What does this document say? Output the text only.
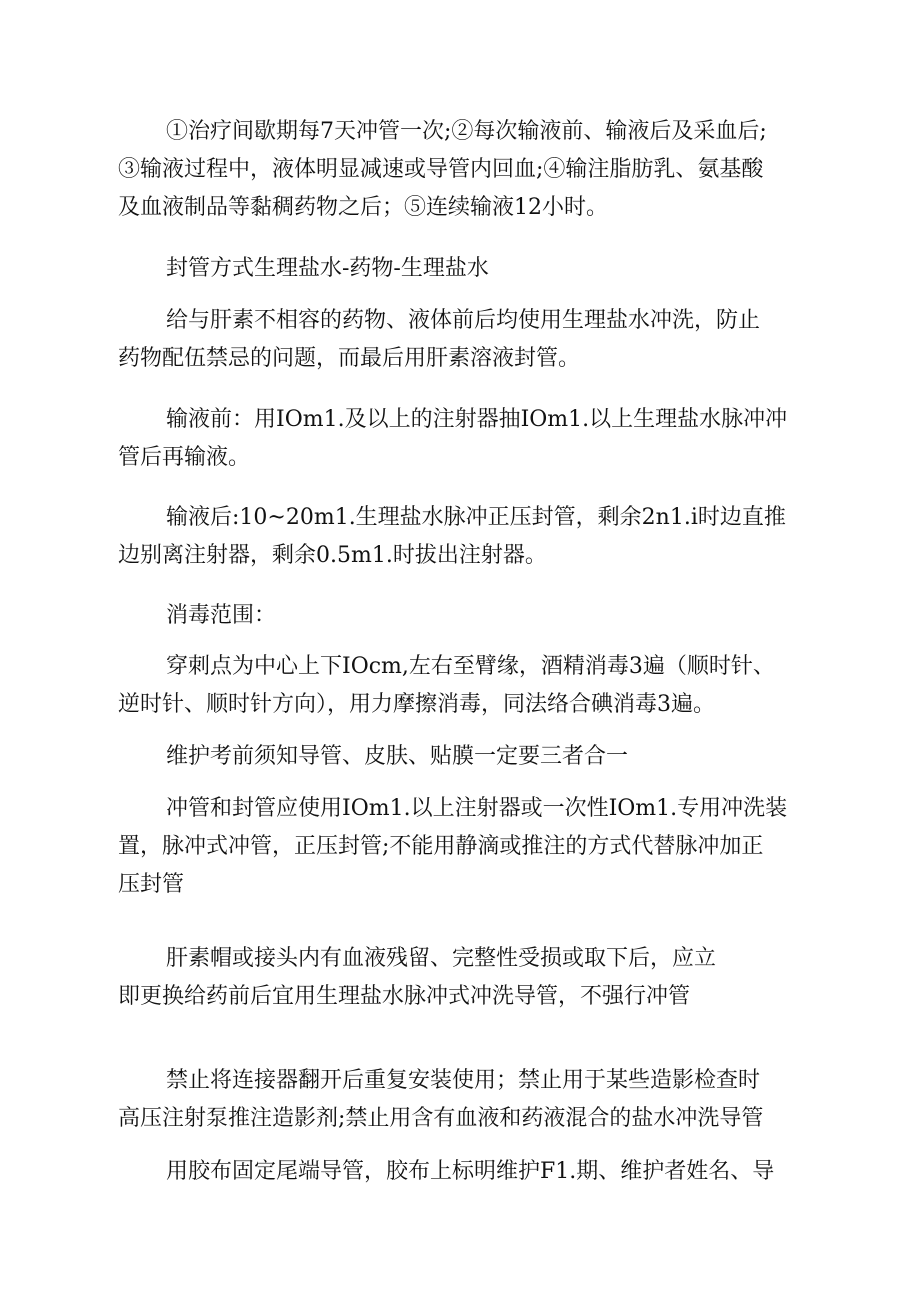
①治疗间歇期每7天冲管一次;②每次输液前、输液后及采血后;
③输液过程中，液体明显减速或导管内回血;④输注脂肪乳、氨基酸
及血液制品等黏稠药物之后；⑤连续输液12小时。
封管方式生理盐水-药物-生理盐水
给与肝素不相容的药物、液体前后均使用生理盐水冲洗，防止
药物配伍禁忌的问题，而最后用肝素溶液封管。
输液前：用IOm1.及以上的注射器抽IOm1.以上生理盐水脉冲冲
管后再输液。
输液后:10~20m1.生理盐水脉冲正压封管，剩余2n1.i时边直推
边别离注射器，剩余0.5m1.时拔出注射器。
消毒范围：
穿刺点为中心上下IOcm,左右至臂缘，酒精消毒3遍（顺时针、
逆时针、顺时针方向），用力摩擦消毒，同法络合碘消毒3遍。
维护考前须知导管、皮肤、贴膜一定要三者合一
冲管和封管应使用IOm1.以上注射器或一次性IOm1.专用冲洗装
置，脉冲式冲管，正压封管;不能用静滴或推注的方式代替脉冲加正
压封管
肝素帽或接头内有血液残留、完整性受损或取下后，应立
即更换给药前后宜用生理盐水脉冲式冲洗导管，不强行冲管
禁止将连接器翻开后重复安装使用；禁止用于某些造影检查时
高压注射泵推注造影剂;禁止用含有血液和药液混合的盐水冲洗导管
用胶布固定尾端导管，胶布上标明维护F1.期、维护者姓名、导
